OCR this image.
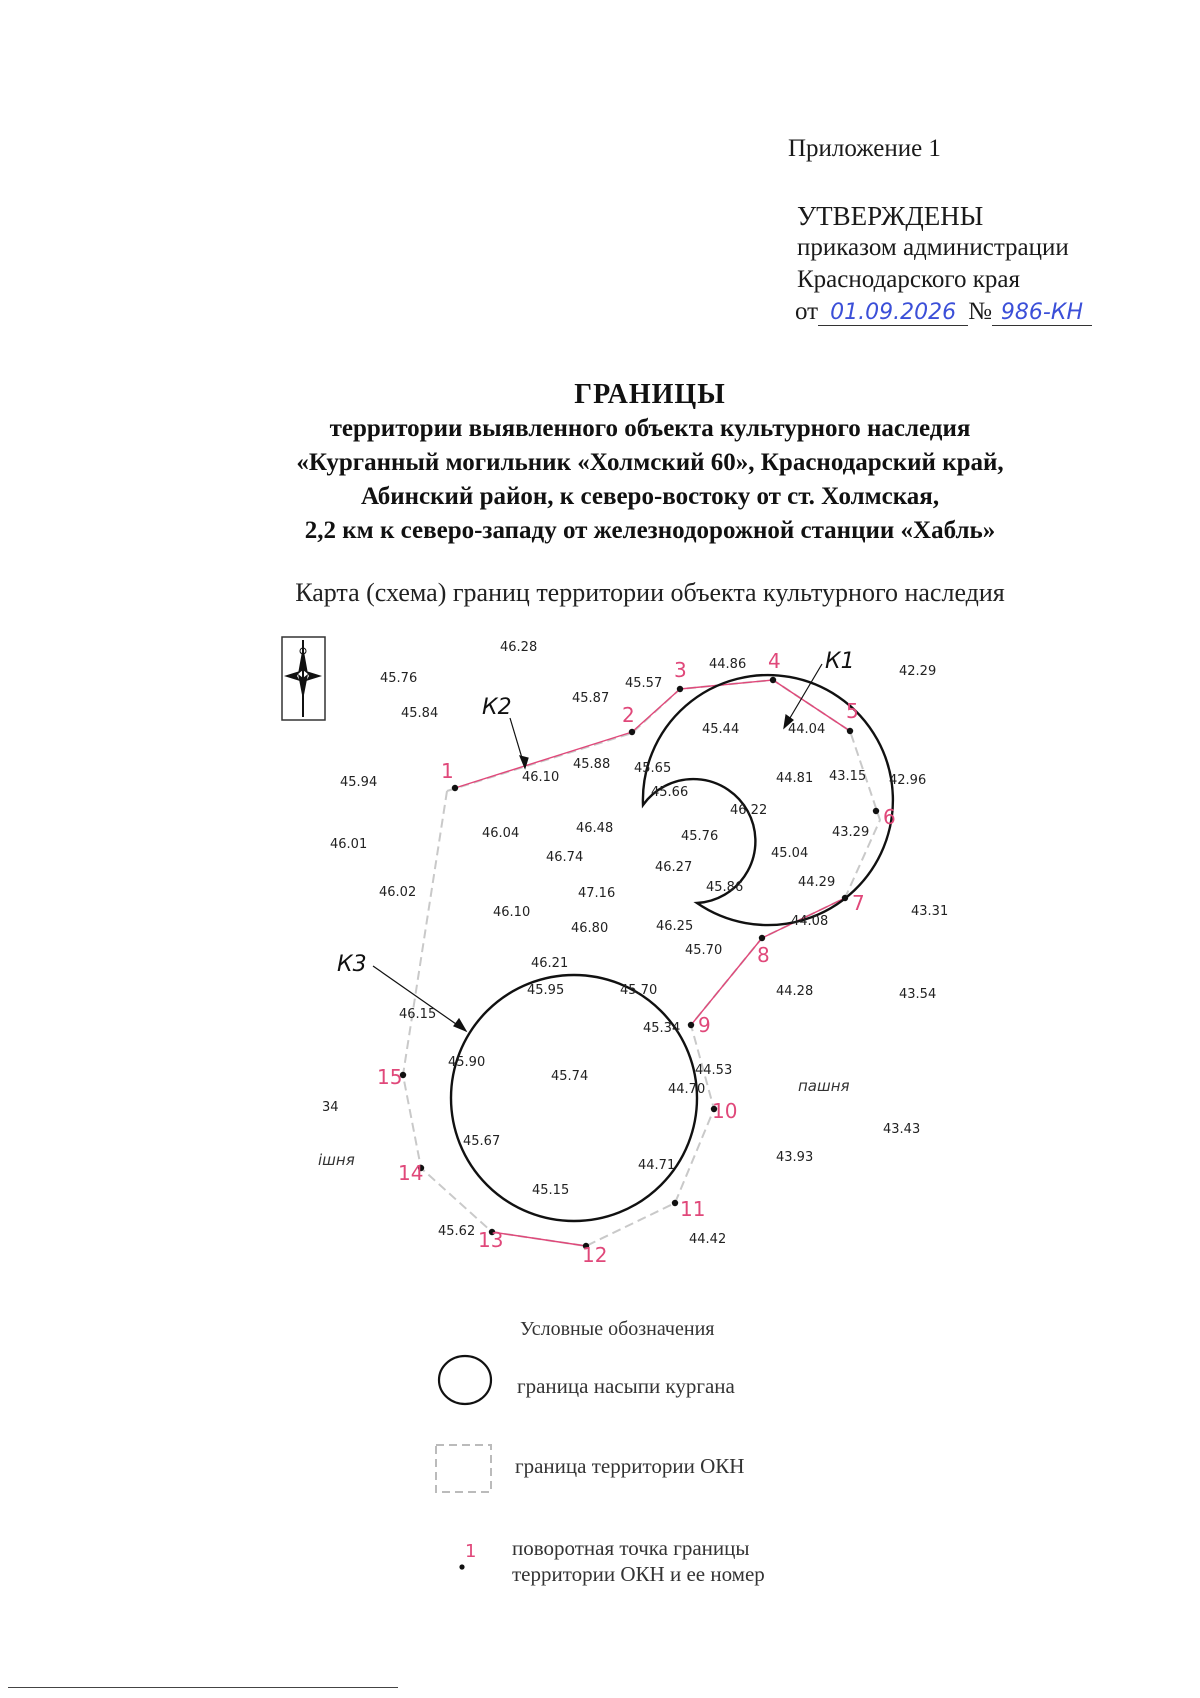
Приложение 1
УТВЕРЖДЕНЫ
приказом администрации
Краснодарского края
от 01.09.2026 № 986-КН
ГРАНИЦЫ
территории выявленного объекта культурного наследия
«Курганный могильник «Холмский 60», Краснодарский край,
Абинский район, к северо-востоку от ст. Холмская,
2,2 км к северо-западу от железнодорожной станции «Хабль»
Карта (схема) границ территории объекта культурного наследия
К2
К1
К3
1
2
3	4
5
6
7
8
9
10
11
12
13
14
15
46.28
45.76
45.84
45.87
45.57
44.86	42.29
45.94	46.10
45.88 45.65
45.44	44.04
45.66
44.81 43.15 42.96
46.04	46.48
46.22
46.01
46.74
45.76
45.04
43.29
46.27
46.02	47.16	45.86	44.29
46.10
46.80	46.25	44.08
43.31
45.70
46.21
45.95	45.70	44.28	43.54
46.15
45.34
45.90
45.74	44.53
44.70
34
43.43
45.67
43.93
44.71
45.15
45.62
44.42
пашня
ішня
Условные обозначения
1
граница насыпи кургана
граница территории ОКН
поворотная точка границы
территории ОКН и ее номер
